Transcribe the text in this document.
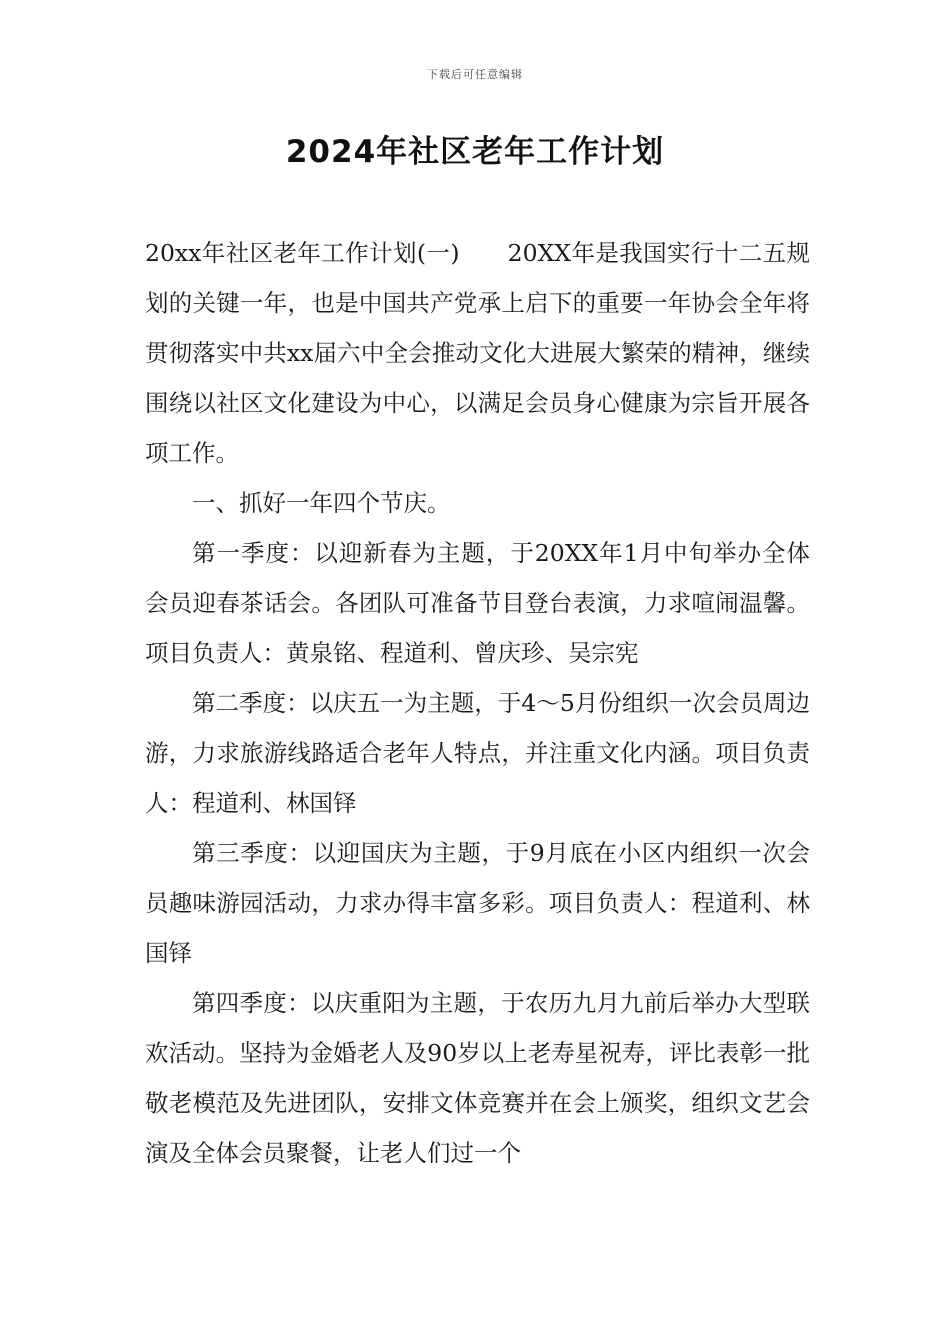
下载后可任意编辑
2024年社区老年工作计划

20xx年社区老年工作计划(一)　　20XX年是我国实行十二五规划的关键一年，也是中国共产党承上启下的重要一年协会全年将贯彻落实中共xx届六中全会推动文化大进展大繁荣的精神，继续围绕以社区文化建设为中心，以满足会员身心健康为宗旨开展各项工作。

一、抓好一年四个节庆。

第一季度：以迎新春为主题，于20XX年1月中旬举办全体会员迎春茶话会。各团队可准备节目登台表演，力求喧闹温馨。项目负责人：黄泉铭、程道利、曾庆珍、吴宗宪

第二季度：以庆五一为主题，于4～5月份组织一次会员周边游，力求旅游线路适合老年人特点，并注重文化内涵。项目负责人：程道利、林国铎

第三季度：以迎国庆为主题，于9月底在小区内组织一次会员趣味游园活动，力求办得丰富多彩。项目负责人：程道利、林国铎

第四季度：以庆重阳为主题，于农历九月九前后举办大型联欢活动。坚持为金婚老人及90岁以上老寿星祝寿，评比表彰一批敬老模范及先进团队，安排文体竞赛并在会上颁奖，组织文艺会演及全体会员聚餐，让老人们过一个
